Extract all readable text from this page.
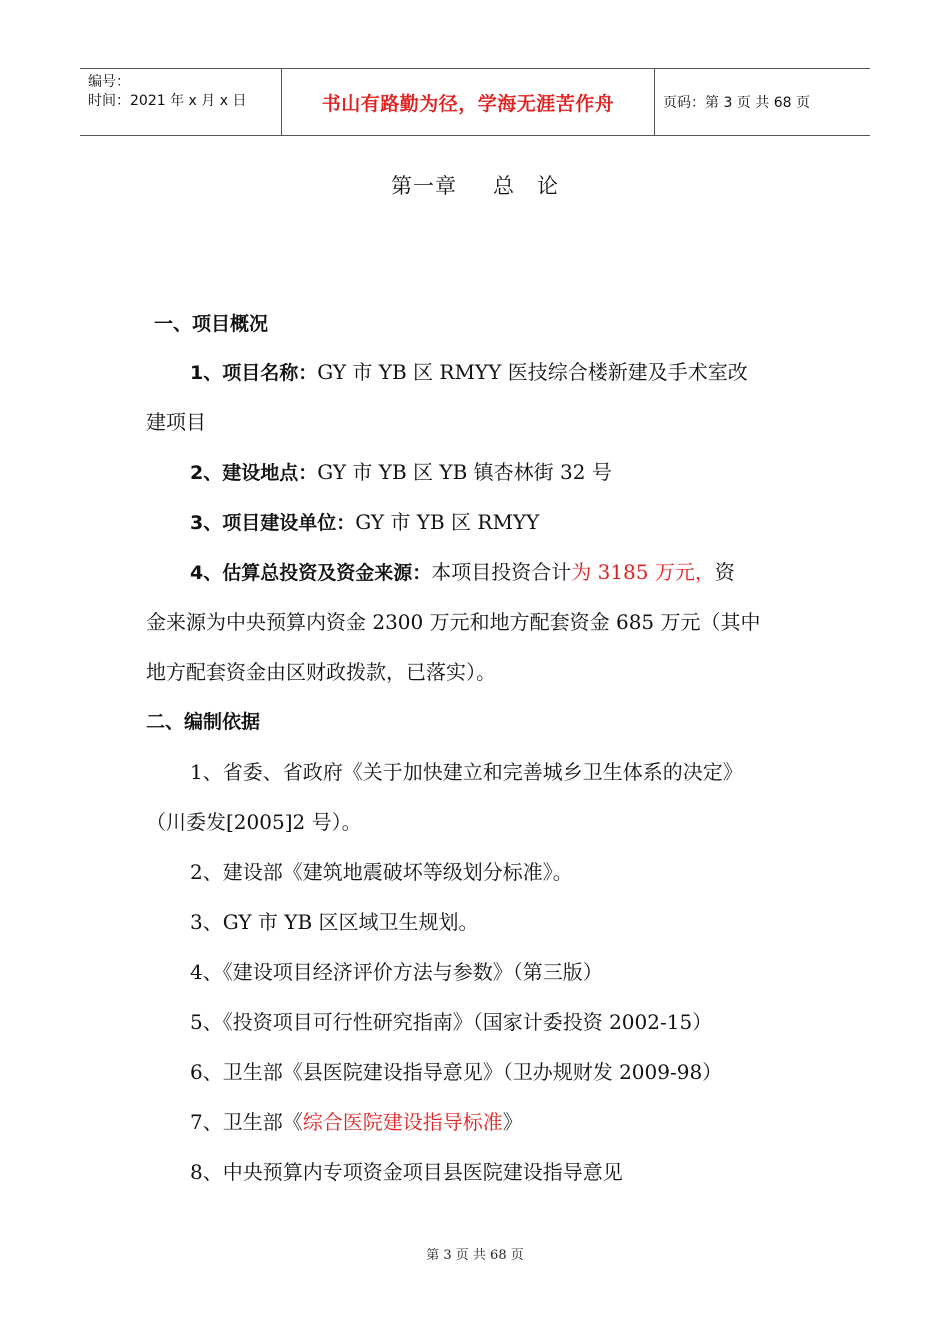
编号：
时间：2021 年 x 月 x 日	书山有路勤为径，学海无涯苦作舟	页码：第 3 页 共 68 页
第一章 总　论
一、项目概况
1、项目名称：GY 市 YB 区 RMYY 医技综合楼新建及手术室改
建项目
2、建设地点：GY 市 YB 区 YB 镇杏林街 32 号
3、项目建设单位：GY 市 YB 区 RMYY
4、估算总投资及资金来源：本项目投资合计为 3185 万元，资
金来源为中央预算内资金 2300 万元和地方配套资金 685 万元（其中
地方配套资金由区财政拨款，已落实）。
二、编制依据
1、省委、省政府《关于加快建立和完善城乡卫生体系的决定》
（川委发[2005]2 号）。
2、建设部《建筑地震破坏等级划分标准》。
3、GY 市 YB 区区域卫生规划。
4、《建设项目经济评价方法与参数》（第三版）
5、《投资项目可行性研究指南》（国家计委投资 2002-15）
6、卫生部《县医院建设指导意见》（卫办规财发 2009-98）
7、卫生部《综合医院建设指导标准》
8、中央预算内专项资金项目县医院建设指导意见
第 3 页 共 68 页
